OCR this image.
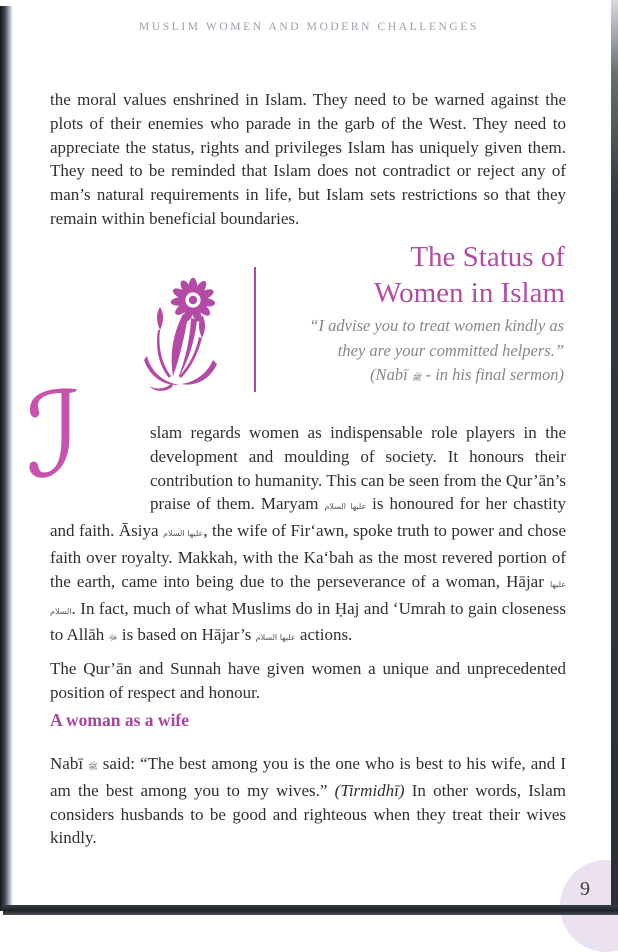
MUSLIM WOMEN AND MODERN CHALLENGES

the moral values enshrined in Islam. They need to be warned against the plots of their enemies who parade in the garb of the West. They need to appreciate the status, rights and privileges Islam has uniquely given them. They need to be reminded that Islam does not contradict or reject any of man’s natural requirements in life, but Islam sets restrictions so that they remain within beneficial boundaries.

The Status of
Women in Islam
“I advise you to treat women kindly as
they are your committed helpers.”
(Nabī ﷺ - in his final sermon)
ℐ	slam regards women as indispensable role players in the development and moulding of society. It honours their contribution to humanity. This can be seen from the Qur’ān’s praise of them. Maryam عليها السلام is honoured for her chastity and faith. Āsiya عليها السلام, the wife of Fir‘awn, spoke truth to power and chose faith over royalty. Makkah, with the Ka‘bah as the most revered portion of the earth, came into being due to the perseverance of a woman, Hājar عليها السلام. In fact, much of what Muslims do in Ḥaj and ‘Umrah to gain closeness to Allāh ﷻ is based on Hājar’s عليها السلام actions.

The Qur’ān and Sunnah have given women a unique and unprecedented position of respect and honour.

A woman as a wife

Nabī ﷺ said: “The best among you is the one who is best to his wife, and I am the best among you to my wives.” (Tirmidhī) In other words, Islam considers husbands to be good and righteous when they treat their wives kindly.

9
